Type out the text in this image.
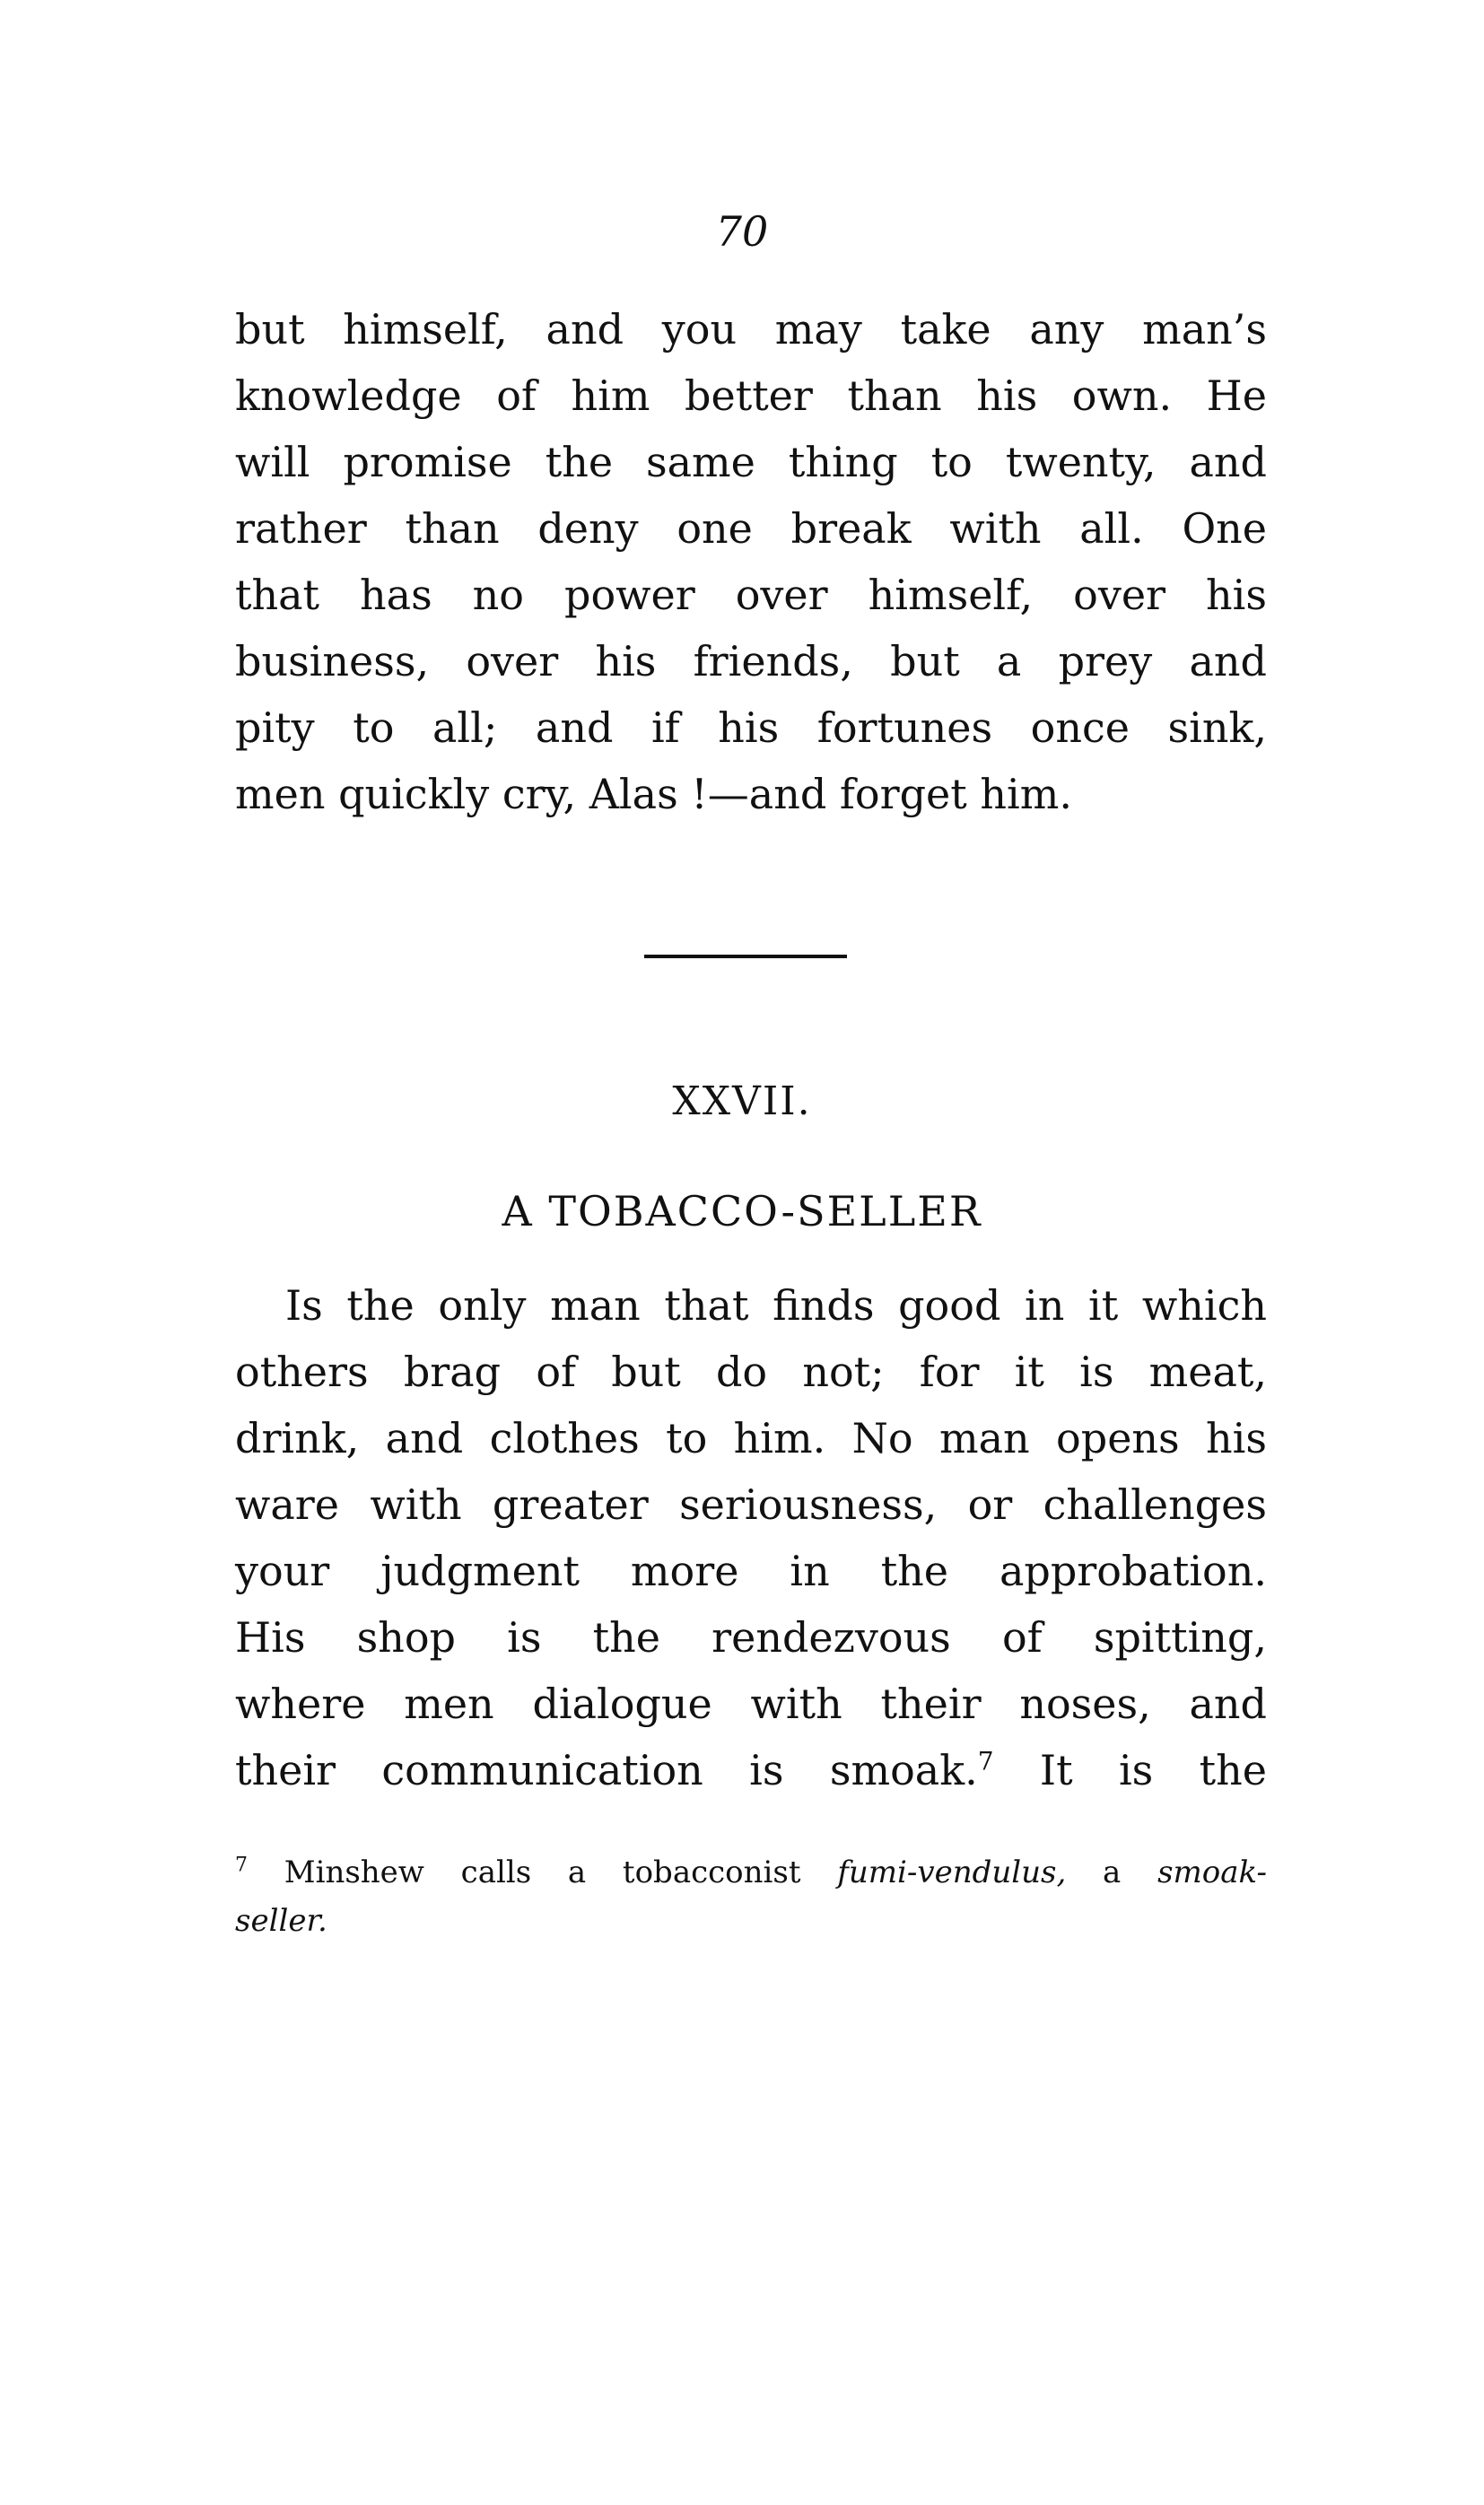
70
but himself, and you may take any man’s
knowledge of him better than his own. He
will promise the same thing to twenty, and
rather than deny one break with all. One
that has no power over himself, over his
business, over his friends, but a prey and
pity to all; and if his fortunes once sink,
men quickly cry, Alas !—and forget him.
XXVII.
A TOBACCO-SELLER
Is the only man that finds good in it which
others brag of but do not; for it is meat,
drink, and clothes to him. No man opens his
ware with greater seriousness, or challenges
your judgment more in the approbation.
His shop is the rendezvous of spitting,
where men dialogue with their noses, and
their communication is smoak.$^7$ It is the
$^7$ Minshew calls a tobacconist fumi-vendulus, a smoak-
seller.
